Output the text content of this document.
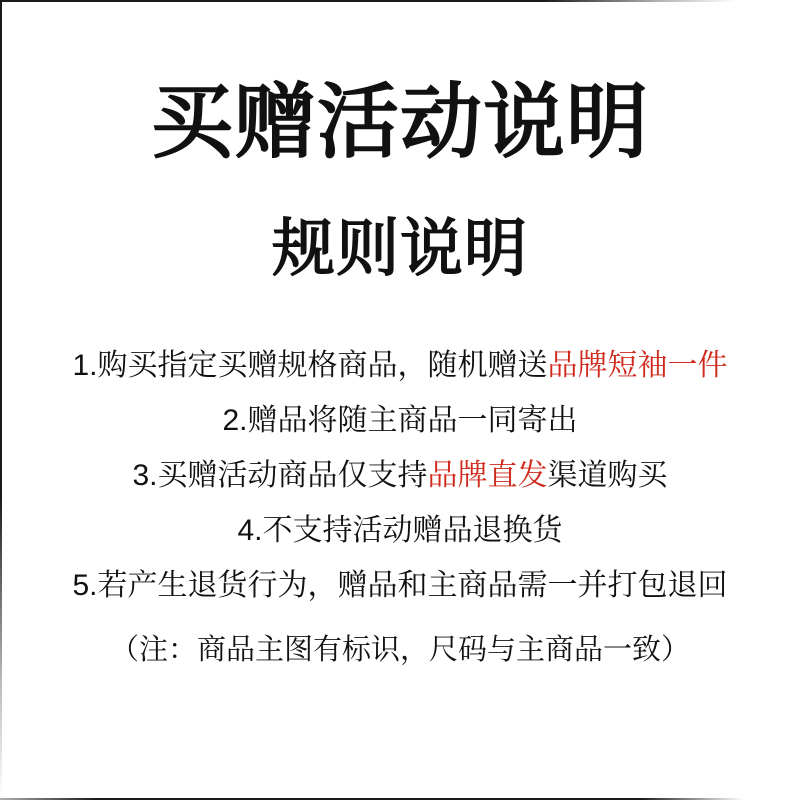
买赠活动说明
规则说明

1.购买指定买赠规格商品，随机赠送品牌短袖一件

2.赠品将随主商品一同寄出

3.买赠活动商品仅支持品牌直发渠道购买

4.不支持活动赠品退换货

5.若产生退货行为，赠品和主商品需一并打包退回

（注：商品主图有标识，尺码与主商品一致）
